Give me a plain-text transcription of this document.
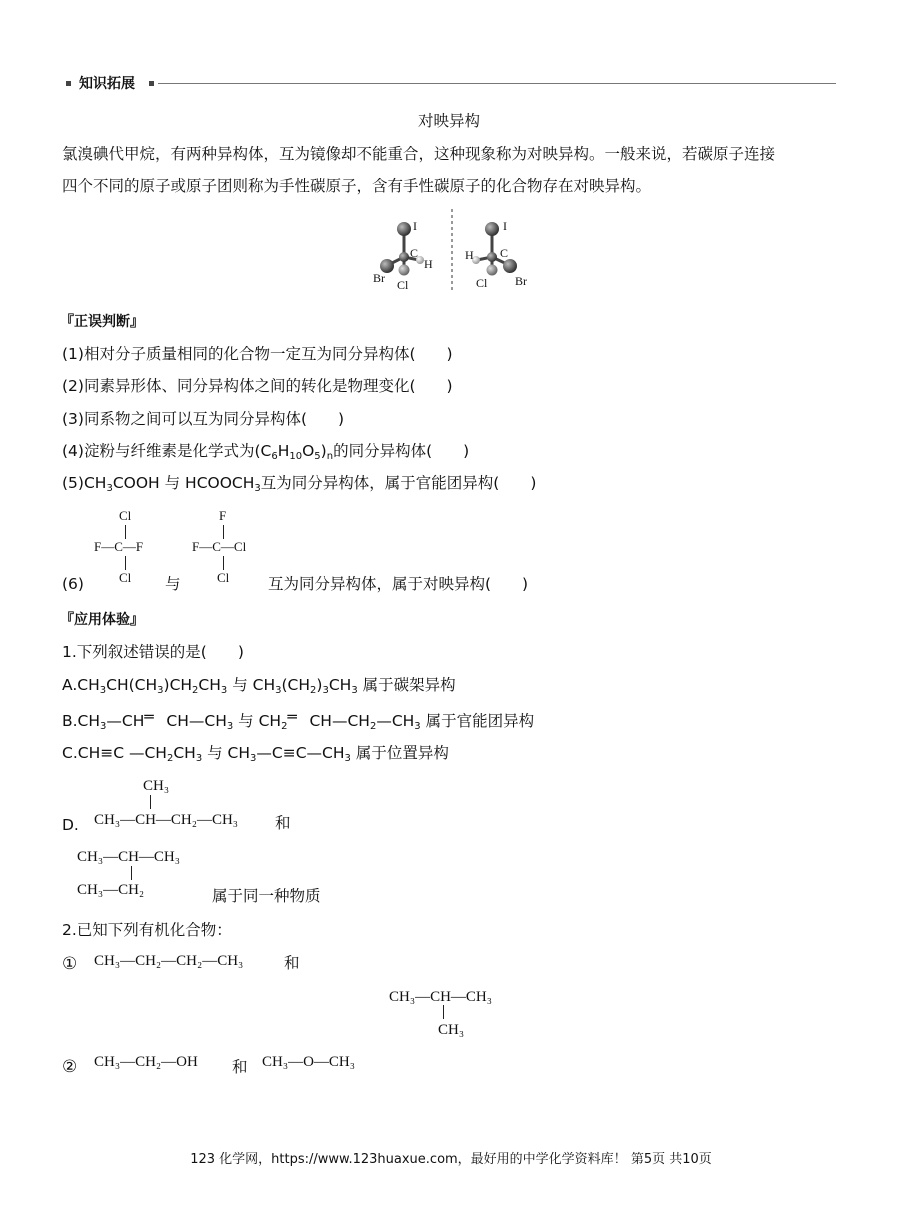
知识拓展
对映异构
氯溴碘代甲烷，有两种异构体，互为镜像却不能重合，这种现象称为对映异构。一般来说，若碳原子连接
四个不同的原子或原子团则称为手性碳原子，含有手性碳原子的化合物存在对映异构。
I
C
H
Br Cl
I
C
H
Cl Br
『正误判断』
(1)相对分子质量相同的化合物一定互为同分异构体(　　)
(2)同素异形体、同分异构体之间的转化是物理变化(　　)
(3)同系物之间可以互为同分异构体(　　)
(4)淀粉与纤维素是化学式为$(C_6H_{10}O_5)_n$的同分异构体(　　)
$(5)CH_3COOH$ 与 $HCOOCH_3$互为同分异构体，属于官能团异构(　　)
Cl
F—C—F
Cl
F
F—C—Cl
Cl
(6)	与	互为同分异构体，属于对映异构(　　)
『应用体验』
1.下列叙述错误的是(　　)
$A.CH_3CH(CH_3)CH_2CH_3$ 与 $CH_3(CH_2)_3CH_3$ 属于碳架异构
$B.CH_3—CH═$ $CH—CH_3$ 与 $CH_2═$ $CH—CH_2—CH_3$ 属于官能团异构
C.CH≡C $—CH_2CH_3$ 与 $CH_3—C\equiv C—CH_3$ 属于位置异构
CH₃
D. CH₃—CH—CH₂—CH₃ 和
CH₃—CH—CH₃
CH₃—CH₂	属于同一种物质
2.已知下列有机化合物：
① CH₃—CH₂—CH₂—CH₃	和
CH₃—CH—CH₃
CH₃
② CH₃—CH₂—OH 和 CH₃—O—CH₃
123 化学网，https://www.123huaxue.com，最好用的中学化学资料库！ 第5页 共10页
